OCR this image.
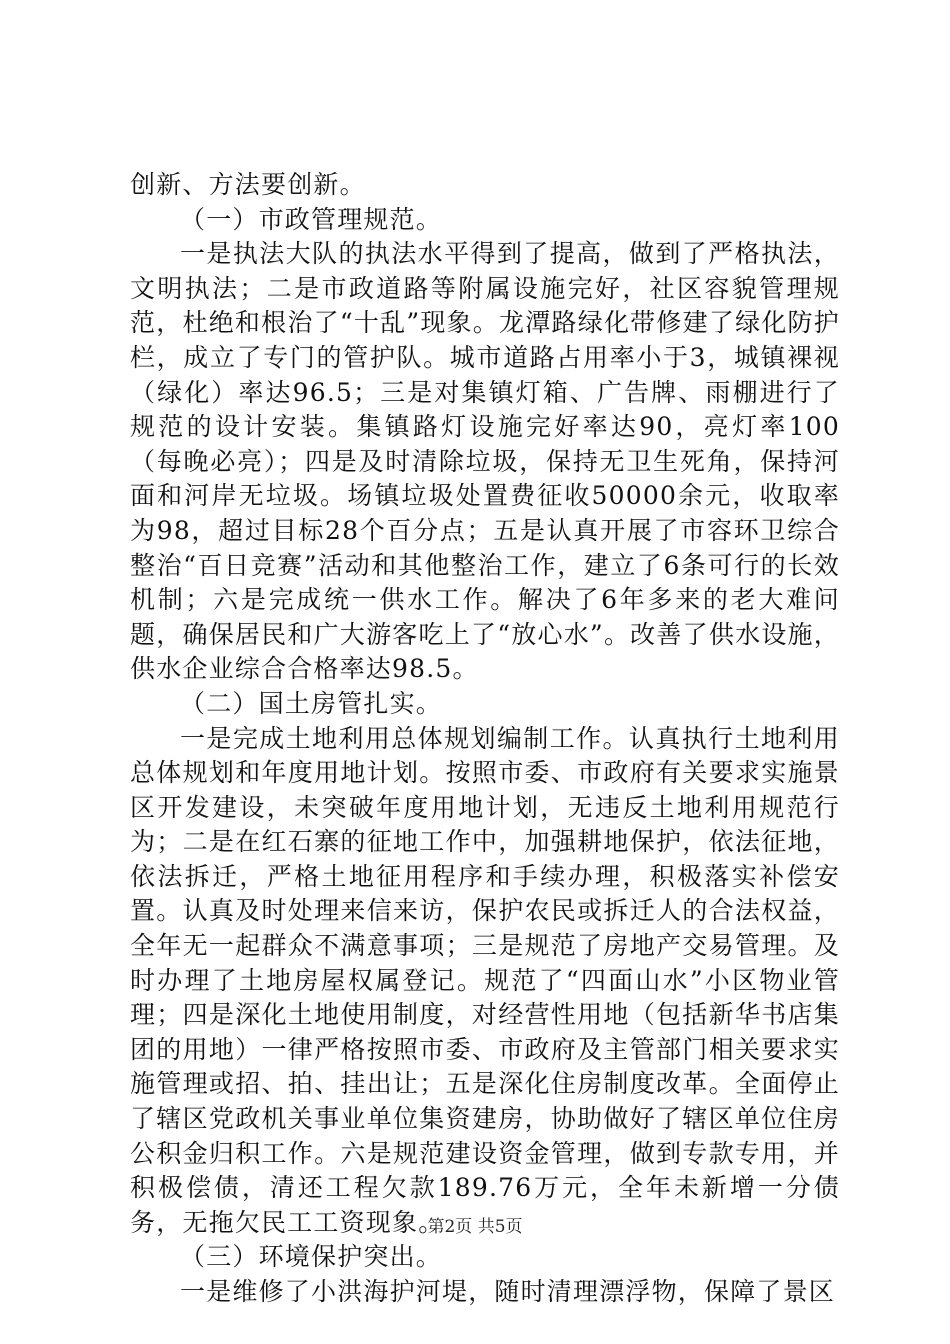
创新、方法要创新。

（一）市政管理规范。

一是执法大队的执法水平得到了提高，做到了严格执法，文明执法；二是市政道路等附属设施完好，社区容貌管理规范，杜绝和根治了“十乱”现象。龙潭路绿化带修建了绿化防护栏，成立了专门的管护队。城市道路占用率小于3，城镇裸视（绿化）率达96.5；三是对集镇灯箱、广告牌、雨棚进行了规范的设计安装。集镇路灯设施完好率达90，亮灯率100（每晚必亮）；四是及时清除垃圾，保持无卫生死角，保持河面和河岸无垃圾。场镇垃圾处置费征收50000余元，收取率为98，超过目标28个百分点；五是认真开展了市容环卫综合整治“百日竞赛”活动和其他整治工作，建立了6条可行的长效机制；六是完成统一供水工作。解决了6年多来的老大难问题，确保居民和广大游客吃上了“放心水”。改善了供水设施，供水企业综合合格率达98.5。

（二）国土房管扎实。

一是完成土地利用总体规划编制工作。认真执行土地利用总体规划和年度用地计划。按照市委、市政府有关要求实施景区开发建设，未突破年度用地计划，无违反土地利用规范行为；二是在红石寨的征地工作中，加强耕地保护，依法征地，依法拆迁，严格土地征用程序和手续办理，积极落实补偿安置。认真及时处理来信来访，保护农民或拆迁人的合法权益，全年无一起群众不满意事项；三是规范了房地产交易管理。及时办理了土地房屋权属登记。规范了“四面山水”小区物业管理；四是深化土地使用制度，对经营性用地（包括新华书店集团的用地）一律严格按照市委、市政府及主管部门相关要求实施管理或招、拍、挂出让；五是深化住房制度改革。全面停止了辖区党政机关事业单位集资建房，协助做好了辖区单位住房公积金归积工作。六是规范建设资金管理，做到专款专用，并积极偿债，清还工程欠款189.76万元，全年未新增一分债务，无拖欠民工工资现象。

（三）环境保护突出。

一是维修了小洪海护河堤，随时清理漂浮物，保障了景区

第2页 共5页
